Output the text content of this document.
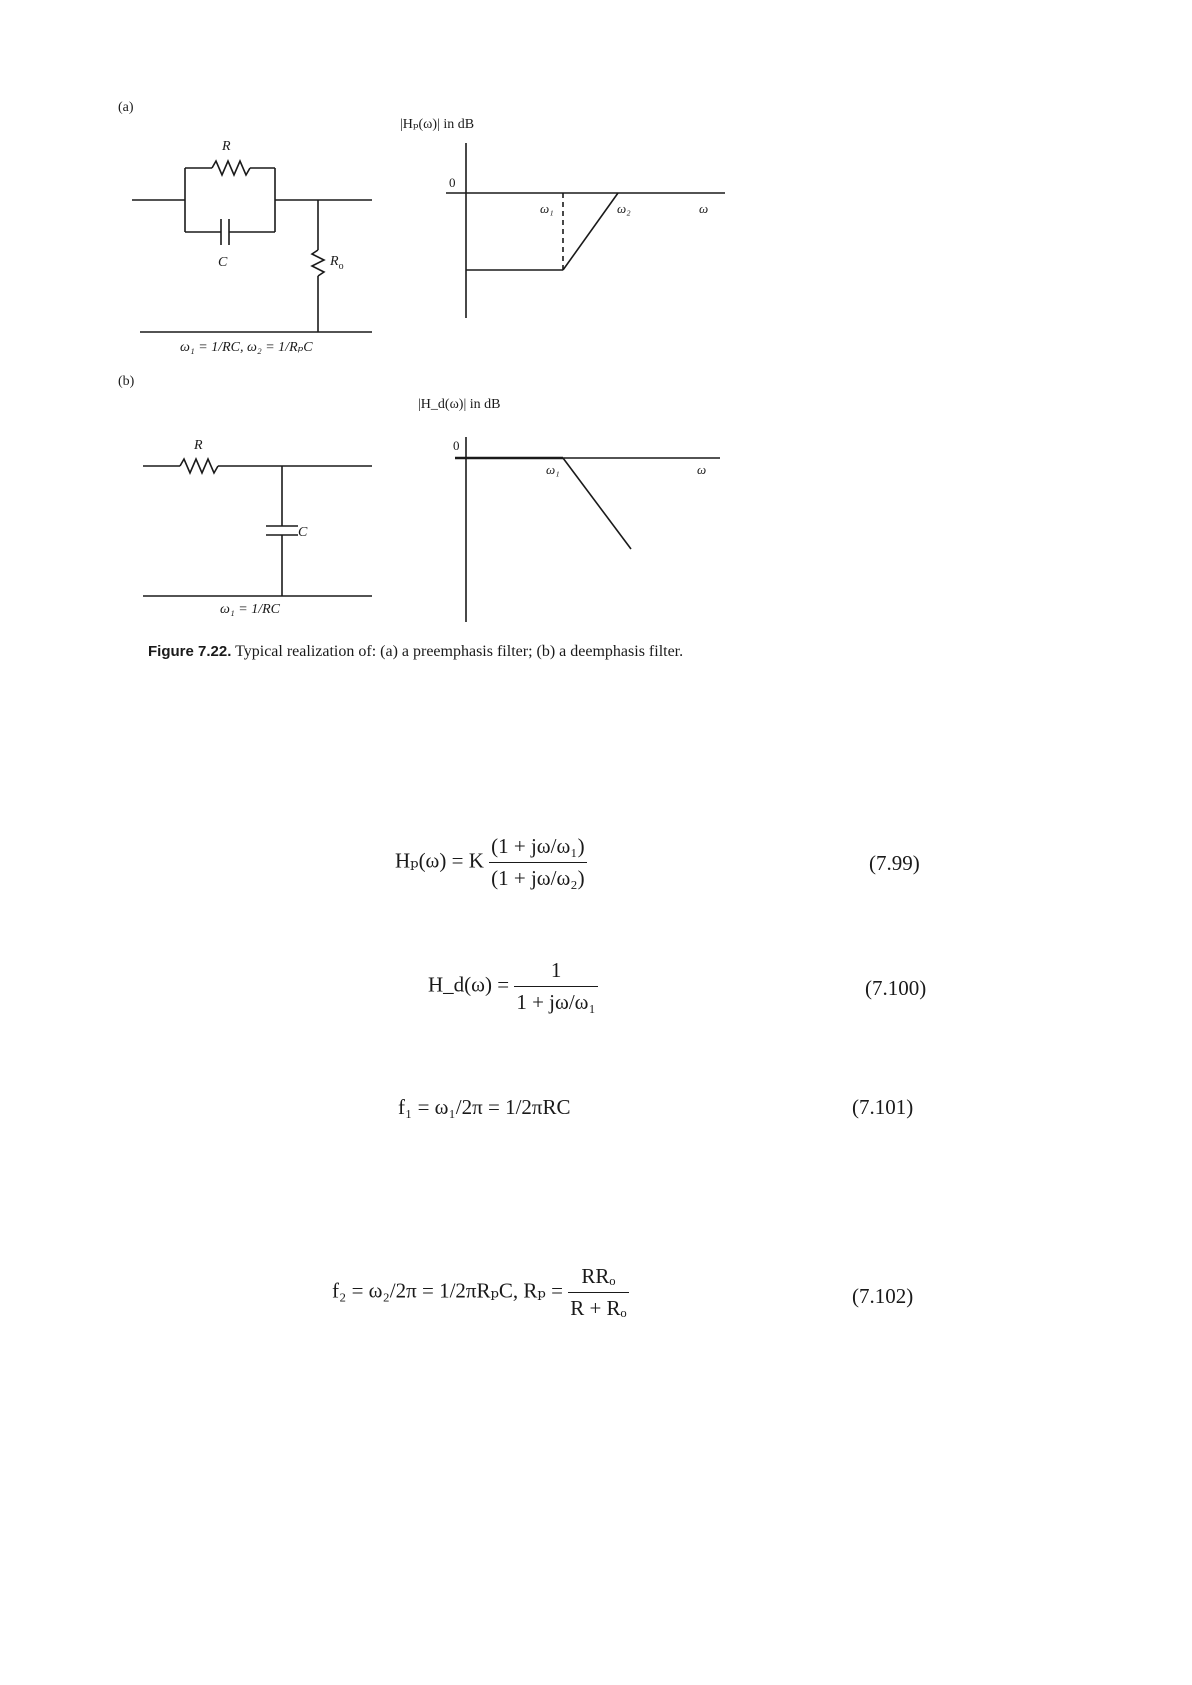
(a)
R
C	$R_o$
ω₁ = 1/RC, ω₂ = 1/RₚC
|Hₚ(ω)| in dB
0
ω₁	ω₂	ω
(b)
R
C
ω₁ = 1/RC
|H_d(ω)| in dB
0
ω₁	ω
Figure 7.22. Typical realization of: (a) a preemphasis filter; (b) a deemphasis filter.
Hₚ(ω) = K $\frac{\text{(1 + jω/ω₁)}}{\text{(1 + jω/ω₂)}}$	(7.99)
H_d(ω) = $\frac{1}{\text{1 + jω/ω₁}}$	(7.100)
f₁ = ω₁/2π = 1/2πRC	(7.101)
f₂ = ω₂/2π = 1/2πRₚC, $R_p = \frac{\text{RRₒ}}{\text{R + Rₒ}}$	(7.102)
